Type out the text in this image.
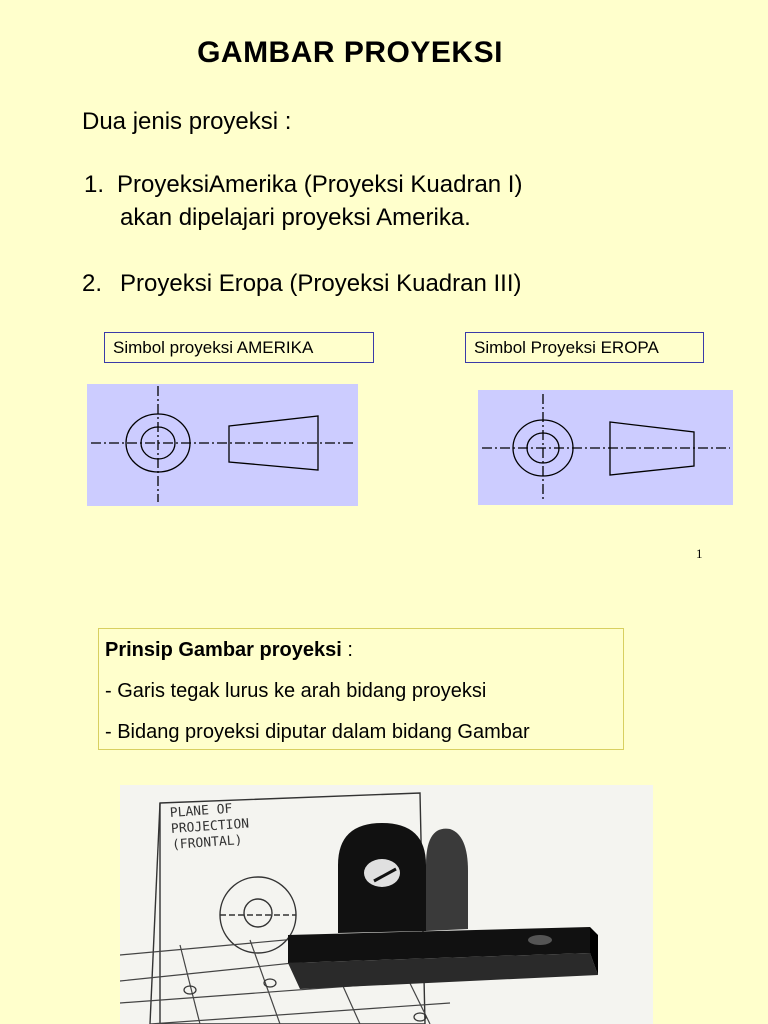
GAMBAR PROYEKSI
Dua jenis proyeksi :
1. ProyeksiAmerika (Proyeksi Kuadran I)
akan dipelajari proyeksi Amerika.
2. Proyeksi Eropa (Proyeksi Kuadran III)
Simbol proyeksi AMERIKA	Simbol Proyeksi EROPA
1
Prinsip Gambar proyeksi :
- Garis tegak lurus ke arah bidang proyeksi
- Bidang proyeksi diputar dalam bidang Gambar
PLANE OF
PROJECTION
(FRONTAL)
